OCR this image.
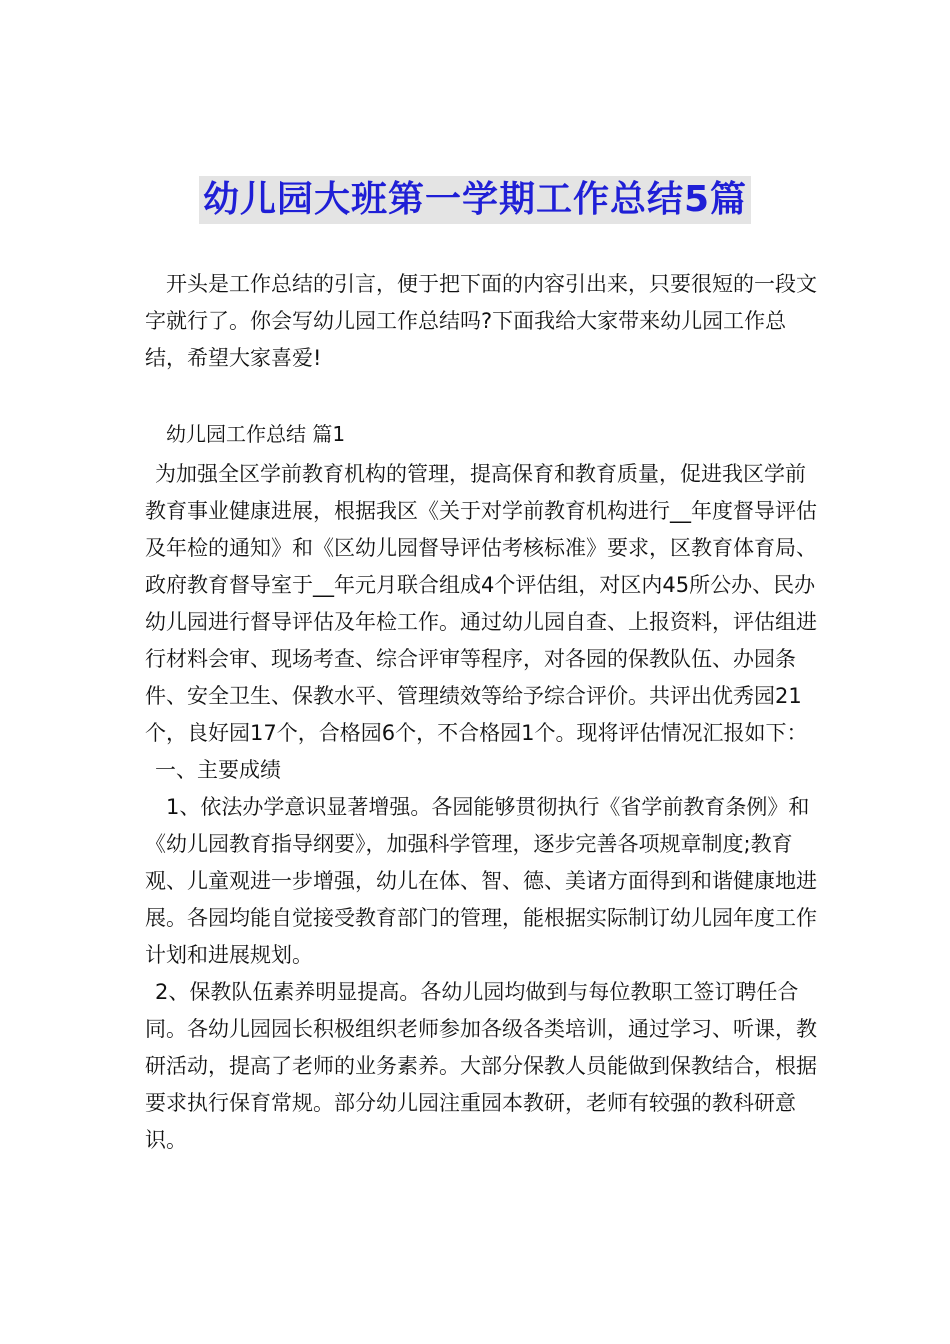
幼儿园大班第一学期工作总结5篇

开头是工作总结的引言，便于把下面的内容引出来，只要很短的一段文字就行了。你会写幼儿园工作总结吗?下面我给大家带来幼儿园工作总结，希望大家喜爱!

幼儿园工作总结 篇1

为加强全区学前教育机构的管理，提高保育和教育质量，促进我区学前教育事业健康进展，根据我区《关于对学前教育机构进行__年度督导评估及年检的通知》和《区幼儿园督导评估考核标准》要求，区教育体育局、政府教育督导室于__年元月联合组成4个评估组，对区内45所公办、民办幼儿园进行督导评估及年检工作。通过幼儿园自查、上报资料，评估组进行材料会审、现场考查、综合评审等程序，对各园的保教队伍、办园条件、安全卫生、保教水平、管理绩效等给予综合评价。共评出优秀园21个，良好园17个，合格园6个，不合格园1个。现将评估情况汇报如下：

一、主要成绩

1、依法办学意识显著增强。各园能够贯彻执行《省学前教育条例》和《幼儿园教育指导纲要》，加强科学管理，逐步完善各项规章制度;教育观、儿童观进一步增强，幼儿在体、智、德、美诸方面得到和谐健康地进展。各园均能自觉接受教育部门的管理，能根据实际制订幼儿园年度工作计划和进展规划。

2、保教队伍素养明显提高。各幼儿园均做到与每位教职工签订聘任合同。各幼儿园园长积极组织老师参加各级各类培训，通过学习、听课，教研活动，提高了老师的业务素养。大部分保教人员能做到保教结合，根据要求执行保育常规。部分幼儿园注重园本教研，老师有较强的教科研意识。
